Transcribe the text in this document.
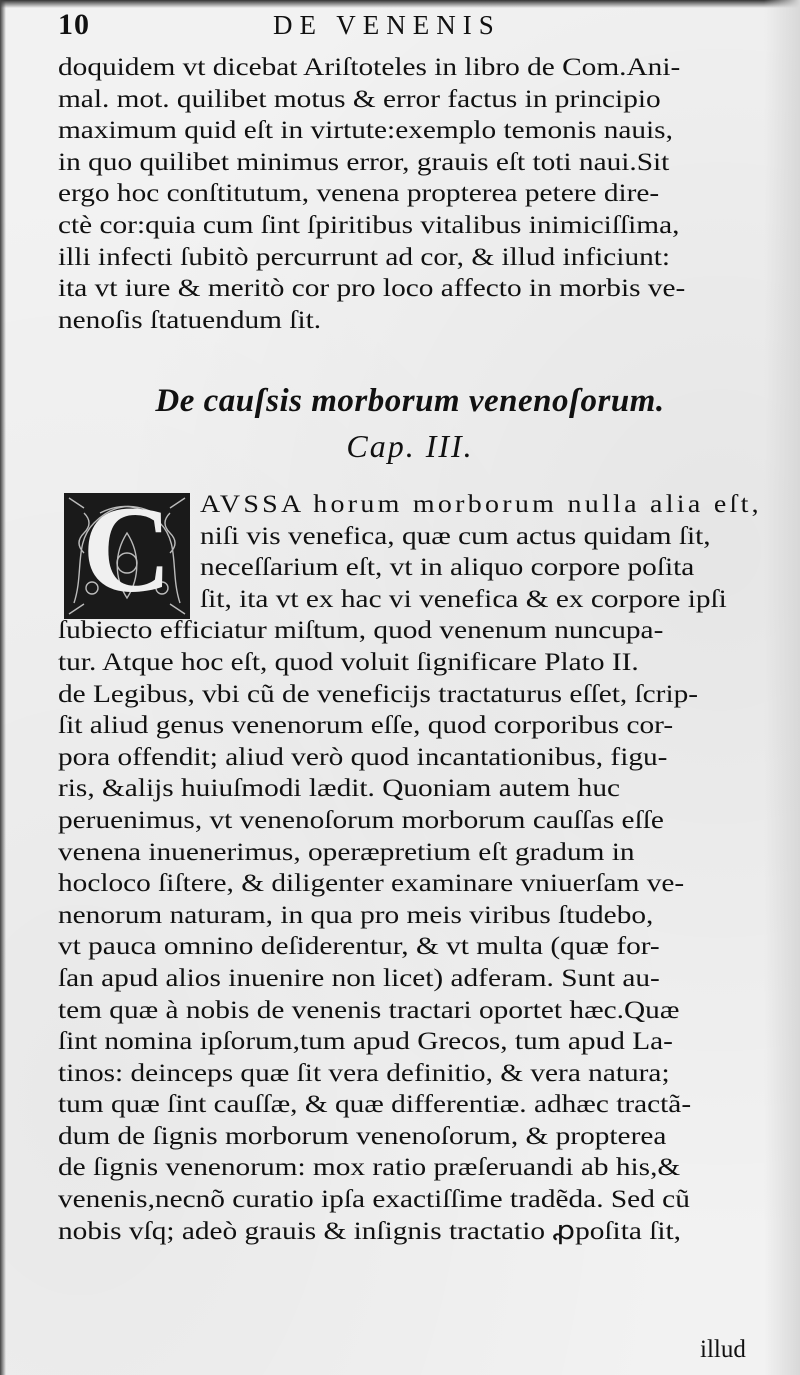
10	DE VENENIS
doquidem vt dicebat Ariſtoteles in libro de Com.Ani-
mal. mot. quilibet motus & error factus in principio
maximum quid eſt in virtute:exemplo temonis nauis,
in quo quilibet minimus error, grauis eſt toti naui.Sit
ergo hoc conſtitutum, venena propterea petere dire-
ctè cor:quia cum ſint ſpiritibus vitalibus inimiciſſima,
illi infecti ſubitò percurrunt ad cor, & illud inficiunt:
ita vt iure & meritò cor pro loco affecto in morbis ve-
nenoſis ſtatuendum ſit.
De cauſsis morborum venenoſorum.
Cap. III.
C	AVSSA horum morborum nulla alia eſt,
niſi vis venefica, quæ cum actus quidam ſit,
neceſſarium eſt, vt in aliquo corpore poſita
ſit, ita vt ex hac vi venefica & ex corpore ipſi
ſubiecto efficiatur miſtum, quod venenum nuncupa-
tur. Atque hoc eſt, quod voluit ſignificare Plato II.
de Legibus, vbi cũ de veneficijs tractaturus eſſet, ſcrip-
ſit aliud genus venenorum eſſe, quod corporibus cor-
pora offendit; aliud verò quod incantationibus, figu-
ris, &alijs huiuſmodi lædit. Quoniam autem huc
peruenimus, vt venenoſorum morborum cauſſas eſſe
venena inuenerimus, operæpretium eſt gradum in
hocloco ſiſtere, & diligenter examinare vniuerſam ve-
nenorum naturam, in qua pro meis viribus ſtudebo,
vt pauca omnino deſiderentur, & vt multa (quæ for-
ſan apud alios inuenire non licet) adferam. Sunt au-
tem quæ à nobis de venenis tractari oportet hæc.Quæ
ſint nomina ipſorum,tum apud Grecos, tum apud La-
tinos: deinceps quæ ſit vera definitio, & vera natura;
tum quæ ſint cauſſæ, & quæ differentiæ. adhæc tractã-
dum de ſignis morborum venenoſorum, & propterea
de ſignis venenorum: mox ratio præſeruandi ab his,&
venenis,necnõ curatio ipſa exactiſſime tradẽda. Sed cũ
nobis vſq; adeò grauis & inſignis tractatio ꝓpoſita ſit,
illud
